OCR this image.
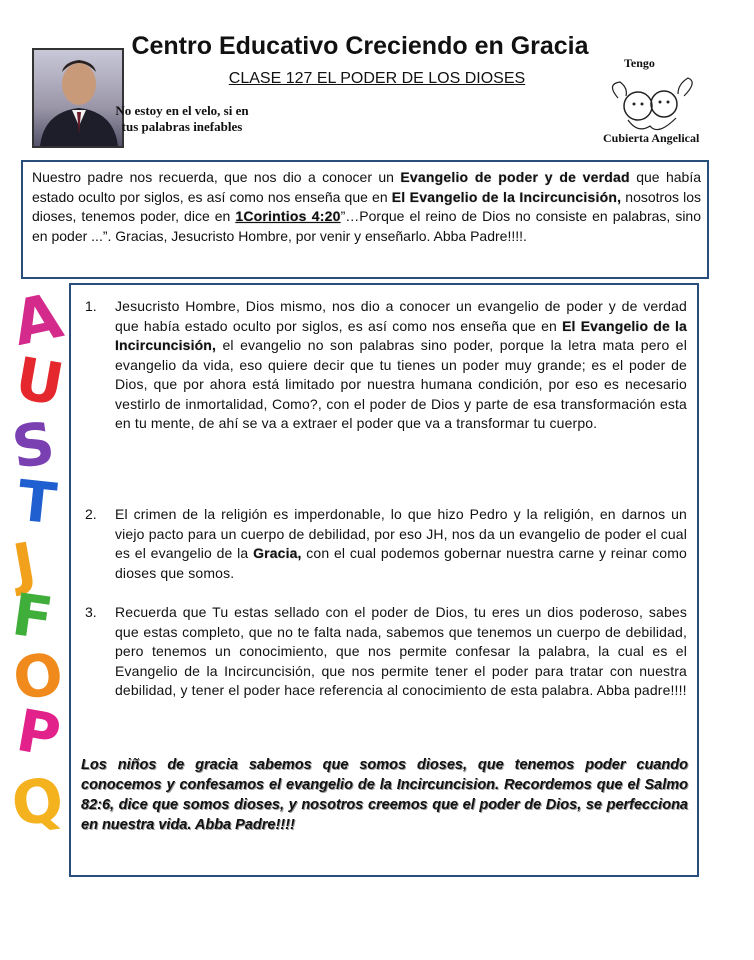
Centro Educativo Creciendo en Gracia
CLASE 127 EL PODER DE LOS DIOSES
No estoy en el velo, si en tus palabras inefables
Tengo
Cubierta Angelical
Nuestro padre nos recuerda, que nos dio a conocer un Evangelio de poder y de verdad que había estado oculto por siglos, es así como nos enseña que en El Evangelio de la Incircuncisión, nosotros los dioses, tenemos poder, dice en 1Corintios 4:20”…Porque el reino de Dios no consiste en palabras, sino en poder ...”. Gracias, Jesucristo Hombre, por venir y enseñarlo. Abba Padre!!!!.
A
U
S
T
J
F
O
P
Q
1.	Jesucristo Hombre, Dios mismo, nos dio a conocer un evangelio de poder y de verdad que había estado oculto por siglos, es así como nos enseña que en El Evangelio de la Incircuncisión, el evangelio no son palabras sino poder, porque la letra mata pero el evangelio da vida, eso quiere decir que tu tienes un poder muy grande; es el poder de Dios, que por ahora está limitado por nuestra humana condición, por eso es necesario vestirlo de inmortalidad, Como?, con el poder de Dios y parte de esa transformación esta en tu mente, de ahí se va a extraer el poder que va a transformar tu cuerpo.
2.	El crimen de la religión es imperdonable, lo que hizo Pedro y la religión, en darnos un viejo pacto para un cuerpo de debilidad, por eso JH, nos da un evangelio de poder el cual es el evangelio de la Gracia, con el cual podemos gobernar nuestra carne y reinar como dioses que somos.
3.	Recuerda que Tu estas sellado con el poder de Dios, tu eres un dios poderoso, sabes que estas completo, que no te falta nada, sabemos que tenemos un cuerpo de debilidad, pero tenemos un conocimiento, que nos permite confesar la palabra, la cual es el Evangelio de la Incircuncisión, que nos permite tener el poder para tratar con nuestra debilidad, y tener el poder hace referencia al conocimiento de esta palabra. Abba padre!!!!
Los niños de gracia sabemos que somos dioses, que tenemos poder cuando conocemos y confesamos el evangelio de la Incircuncision. Recordemos que el Salmo 82:6, dice que somos dioses, y nosotros creemos que el poder de Dios, se perfecciona en nuestra vida. Abba Padre!!!!
